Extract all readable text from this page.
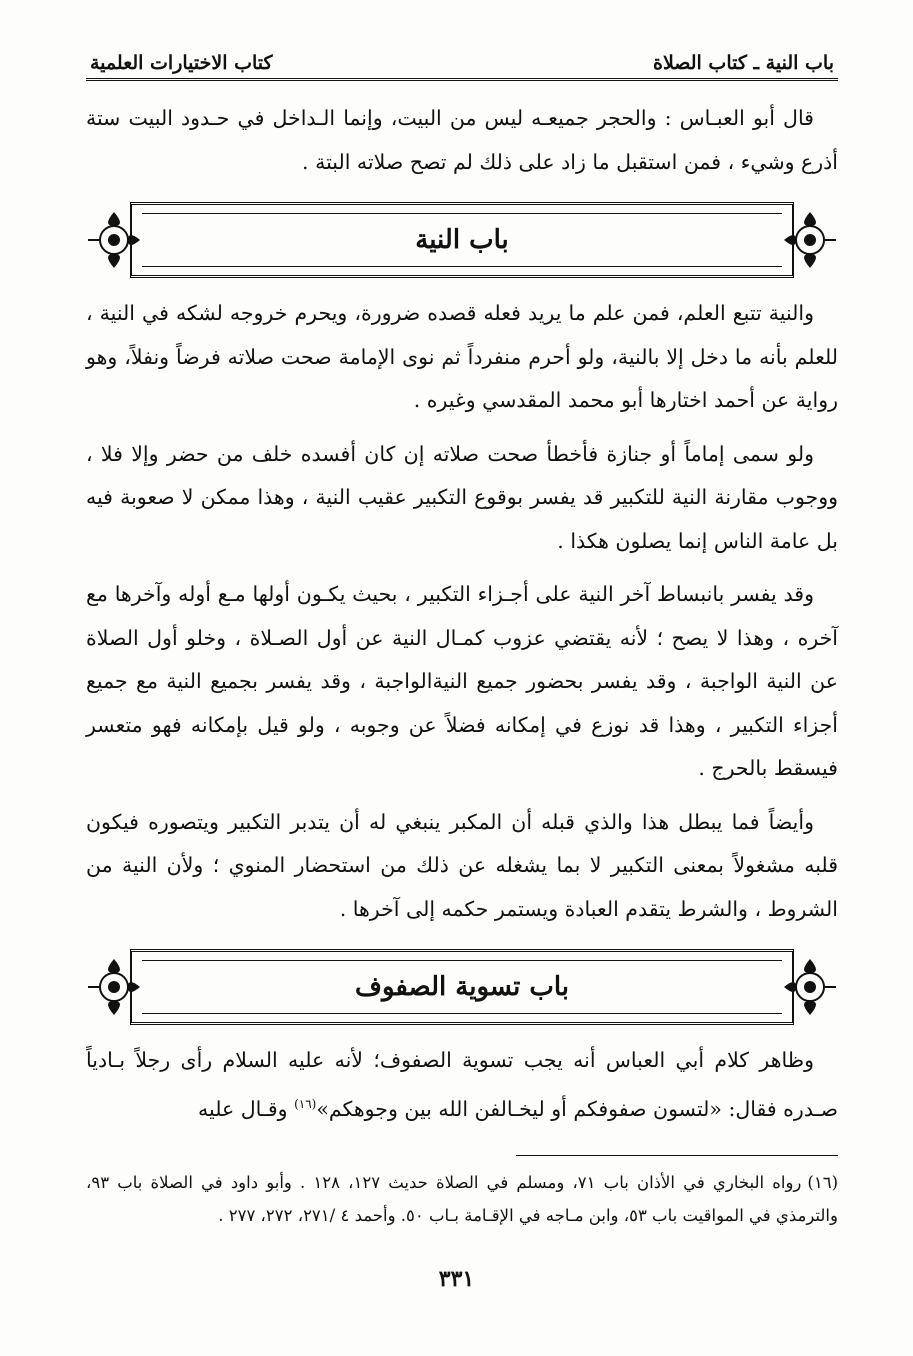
باب النية ـ كتاب الصلاة
كتاب الاختيارات العلمية

قال أبو العبـاس : والحجر جميعـه ليس من البيت، وإنما الـداخل في حـدود البيت ستة أذرع وشيء ، فمن استقبل ما زاد على ذلك لم تصح صلاته البتة .

باب النية

والنية تتبع العلم، فمن علم ما يريد فعله قصده ضرورة، ويحرم خروجه لشكه في النية ، للعلم بأنه ما دخل إلا بالنية، ولو أحرم منفرداً ثم نوى الإمامة صحت صلاته فرضاً ونفلاً، وهو رواية عن أحمد اختارها أبو محمد المقدسي وغيره .

ولو سمى إماماً أو جنازة فأخطأ صحت صلاته إن كان أفسده خلف من حضر وإلا فلا ، ووجوب مقارنة النية للتكبير قد يفسر بوقوع التكبير عقيب النية ، وهذا ممكن لا صعوبة فيه بل عامة الناس إنما يصلون هكذا .

وقد يفسر بانبساط آخر النية على أجـزاء التكبير ، بحيث يكـون أولها مـع أوله وآخرها مع آخره ، وهذا لا يصح ؛ لأنه يقتضي عزوب كمـال النية عن أول الصـلاة ، وخلو أول الصلاة عن النية الواجبة ، وقد يفسر بحضور جميع النيةالواجبة ، وقد يفسر بجميع النية مع جميع أجزاء التكبير ، وهذا قد نوزع في إمكانه فضلاً عن وجوبه ، ولو قيل بإمكانه فهو متعسر فيسقط بالحرج .

وأيضاً فما يبطل هذا والذي قبله أن المكبر ينبغي له أن يتدبر التكبير ويتصوره فيكون قلبه مشغولاً بمعنى التكبير لا بما يشغله عن ذلك من استحضار المنوي ؛ ولأن النية من الشروط ، والشرط يتقدم العبادة ويستمر حكمه إلى آخرها .

باب تسوية الصفوف

وظاهر كلام أبي العباس أنه يجب تسوية الصفوف؛ لأنه عليه السلام رأى رجلاً بـادياً صـدره فقال: «لتسون صفوفكم أو ليخـالفن الله بين وجوهكم»$^{(١٦)}$ وقـال عليه

(١٦)رواه البخاري في الأذان باب ٧١، ومسلم في الصلاة حديث ١٢٧، ١٢٨ . وأبو داود في الصلاة باب ٩٣، والترمذي في المواقيت باب ٥٣، وابن مـاجه في الإقـامة بـاب ٥٠. وأحمد ٤ /٢٧١، ٢٧٢، ٢٧٧ .

٣٣١
